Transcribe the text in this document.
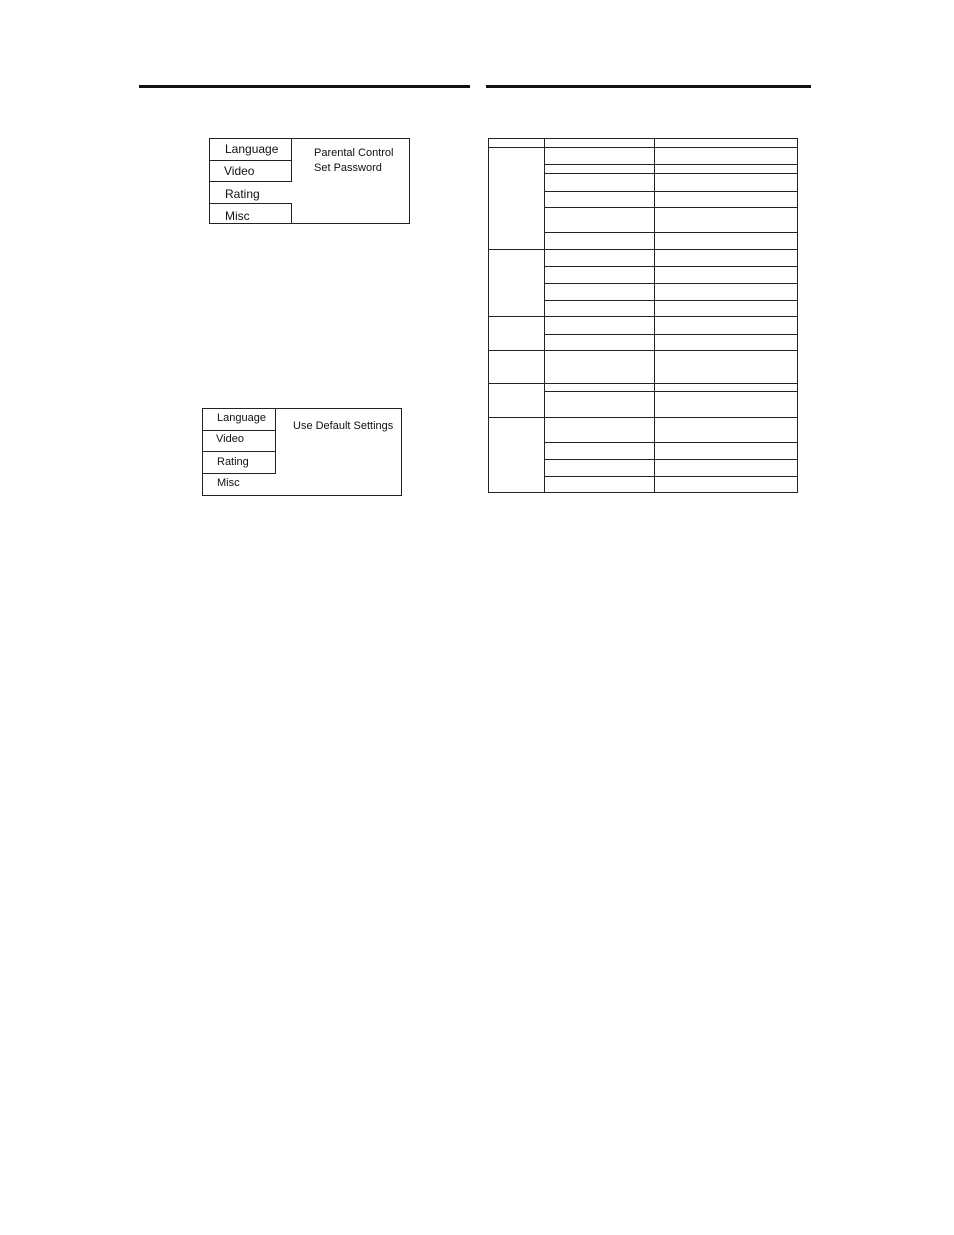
Language
Video
Rating
Misc
Parental Control
Set Password
Language
Video
Rating
Misc
Use Default Settings
